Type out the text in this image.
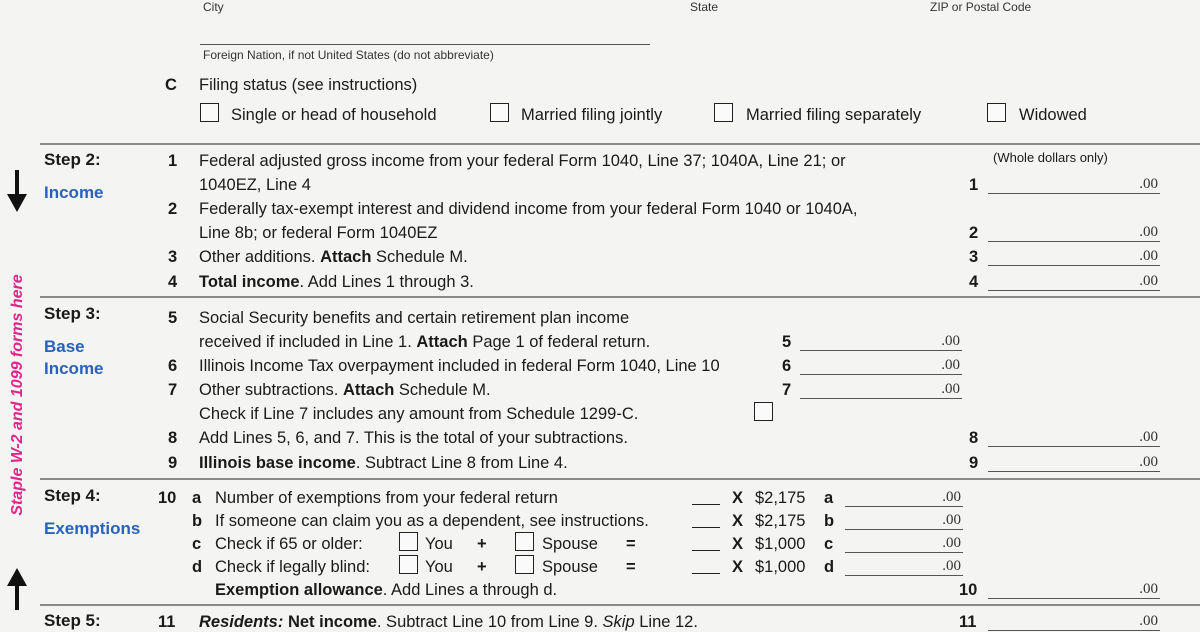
City	State	ZIP or Postal Code
Foreign Nation, if not United States (do not abbreviate)
C Filing status (see instructions)
Single or head of household	Married filing jointly	Married filing separately	Widowed
Staple W-2 and 1099 forms here
Step 2:
Income
(Whole dollars only)
1 Federal adjusted gross income from your federal Form 1040, Line 37; 1040A, Line 21; or
1040EZ, Line 4	1	.00
2 Federally tax-exempt interest and dividend income from your federal Form 1040 or 1040A,
Line 8b; or federal Form 1040EZ	2	.00
3 Other additions. Attach Schedule M.	3	.00
4 Total income. Add Lines 1 through 3.	4	.00
Step 3:
Base
Income
5 Social Security benefits and certain retirement plan income
received if included in Line 1. Attach Page 1 of federal return.	5	.00
6 Illinois Income Tax overpayment included in federal Form 1040, Line 10	6	.00
7 Other subtractions. Attach Schedule M.	7	.00
Check if Line 7 includes any amount from Schedule 1299-C.
8 Add Lines 5, 6, and 7. This is the total of your subtractions.	8	.00
9 Illinois base income. Subtract Line 8 from Line 4.	9	.00
Step 4:
Exemptions
10 a Number of exemptions from your federal return	X $2,175 a	.00
b If someone can claim you as a dependent, see instructions.	X $2,175 b	.00
c Check if 65 or older:	You +	Spouse =	X $1,000 c	.00
d Check if legally blind:	You +	Spouse =	X $1,000 d	.00
Exemption allowance. Add Lines a through d.	10	.00
Step 5:	11 Residents: Net income. Subtract Line 10 from Line 9. Skip Line 12.	11	.00
